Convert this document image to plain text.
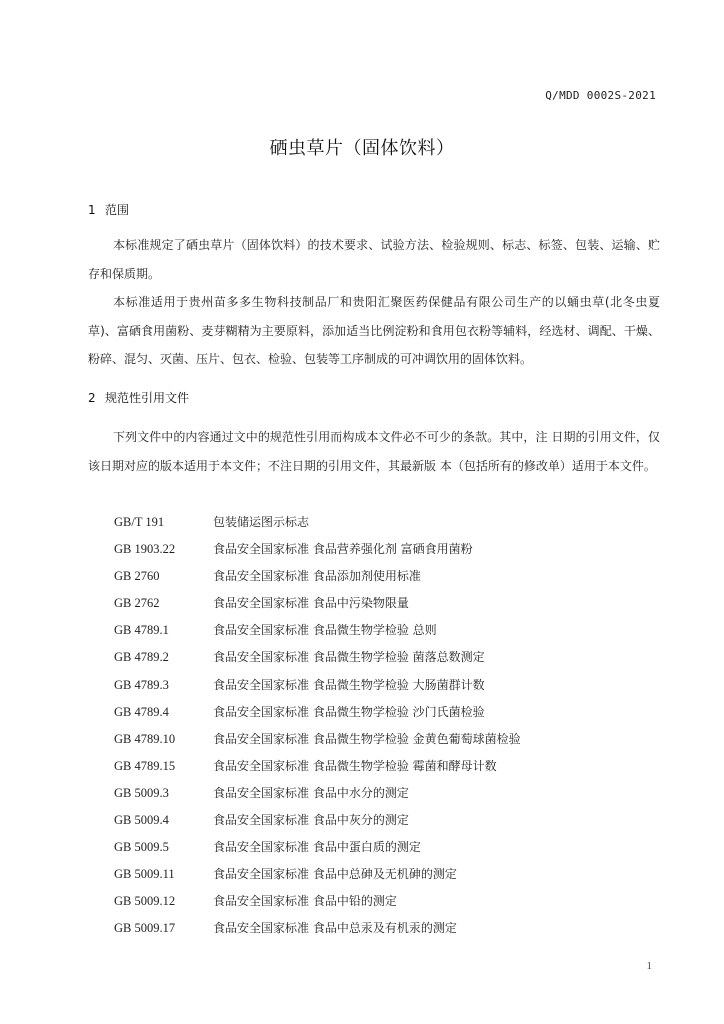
Q/MDD 0002S-2021
硒虫草片（固体饮料）
1 范围

本标准规定了硒虫草片（固体饮料）的技术要求、试验方法、检验规则、标志、标签、包装、运输、贮存和保质期。

本标准适用于贵州苗多多生物科技制品厂和贵阳汇聚医药保健品有限公司生产的以蛹虫草(北冬虫夏草)、富硒食用菌粉、麦芽糊精为主要原料，添加适当比例淀粉和食用包衣粉等辅料，经选材、调配、干燥、粉碎、混匀、灭菌、压片、包衣、检验、包装等工序制成的可冲调饮用的固体饮料。

2 规范性引用文件

下列文件中的内容通过文中的规范性引用而构成本文件必不可少的条款。其中，注 日期的引用文件，仅该日期对应的版本适用于本文件；不注日期的引用文件，其最新版 本（包括所有的修改单）适用于本文件。

GB/T 191	包装储运图示标志
GB 1903.22	食品安全国家标准 食品营养强化剂 富硒食用菌粉
GB 2760	食品安全国家标准 食品添加剂使用标准
GB 2762	食品安全国家标准 食品中污染物限量
GB 4789.1	食品安全国家标准 食品微生物学检验 总则
GB 4789.2	食品安全国家标准 食品微生物学检验 菌落总数测定
GB 4789.3	食品安全国家标准 食品微生物学检验 大肠菌群计数
GB 4789.4	食品安全国家标准 食品微生物学检验 沙门氏菌检验
GB 4789.10	食品安全国家标准 食品微生物学检验 金黄色葡萄球菌检验
GB 4789.15	食品安全国家标准 食品微生物学检验 霉菌和酵母计数
GB 5009.3	食品安全国家标准 食品中水分的测定
GB 5009.4	食品安全国家标准 食品中灰分的测定
GB 5009.5	食品安全国家标准 食品中蛋白质的测定
GB 5009.11	食品安全国家标准 食品中总砷及无机砷的测定
GB 5009.12	食品安全国家标准 食品中铅的测定
GB 5009.17	食品安全国家标准 食品中总汞及有机汞的测定
1
